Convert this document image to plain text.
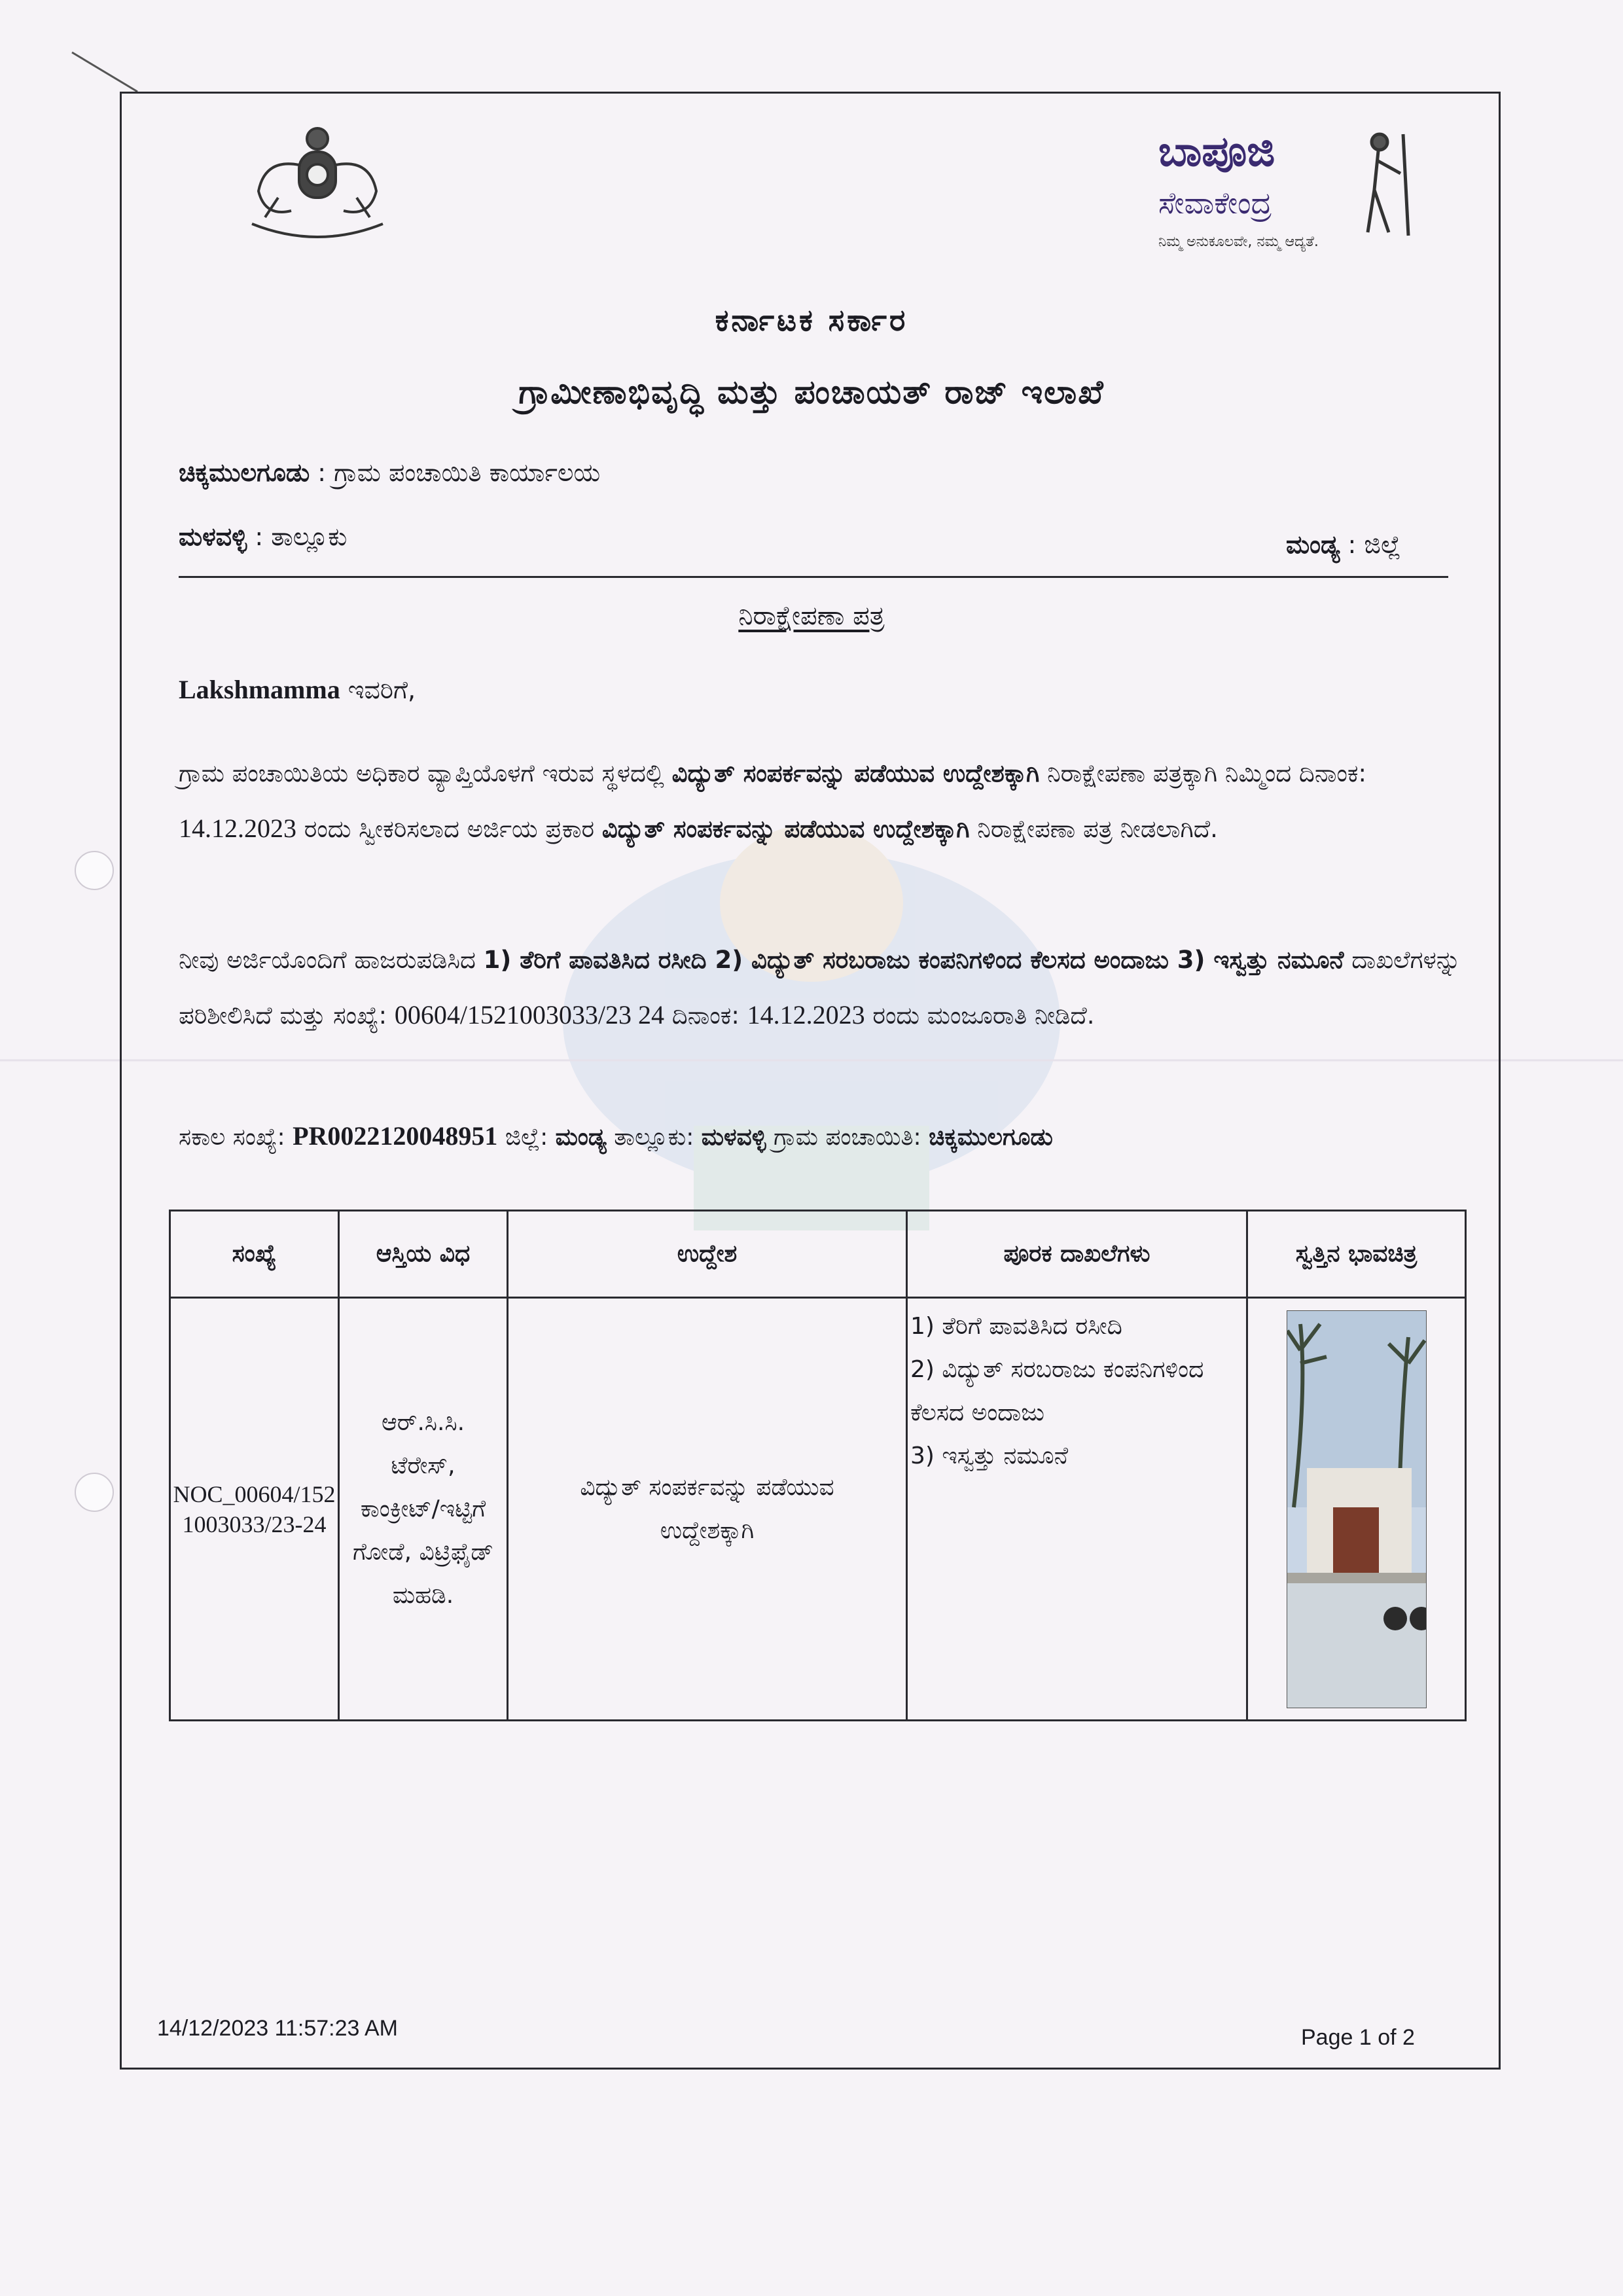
ಬಾಪೂಜಿ
ಸೇವಾಕೇಂದ್ರ
ನಿಮ್ಮ ಅನುಕೂಲವೇ, ನಮ್ಮ ಆದ್ಯತೆ.
ಕರ್ನಾಟಕ ಸರ್ಕಾರ
ಗ್ರಾಮೀಣಾಭಿವೃದ್ಧಿ ಮತ್ತು ಪಂಚಾಯತ್ ರಾಜ್ ಇಲಾಖೆ
ಚಿಕ್ಕಮುಲಗೂಡು : ಗ್ರಾಮ ಪಂಚಾಯಿತಿ ಕಾರ್ಯಾಲಯ
ಮಳವಳ್ಳಿ : ತಾಲ್ಲೂಕು	ಮಂಡ್ಯ : ಜಿಲ್ಲೆ
ನಿರಾಕ್ಷೇಪಣಾ ಪತ್ರ
Lakshmamma ಇವರಿಗೆ,
ಗ್ರಾಮ ಪಂಚಾಯಿತಿಯ ಅಧಿಕಾರ ವ್ಯಾಪ್ತಿಯೊಳಗೆ ಇರುವ ಸ್ಥಳದಲ್ಲಿ ವಿದ್ಯುತ್ ಸಂಪರ್ಕವನ್ನು ಪಡೆಯುವ ಉದ್ದೇಶಕ್ಕಾಗಿ ನಿರಾಕ್ಷೇಪಣಾ ಪತ್ರಕ್ಕಾಗಿ ನಿಮ್ಮಿಂದ ದಿನಾಂಕ: 14.12.2023 ರಂದು ಸ್ವೀಕರಿಸಲಾದ ಅರ್ಜಿಯ ಪ್ರಕಾರ ವಿದ್ಯುತ್ ಸಂಪರ್ಕವನ್ನು ಪಡೆಯುವ ಉದ್ದೇಶಕ್ಕಾಗಿ ನಿರಾಕ್ಷೇಪಣಾ ಪತ್ರ ನೀಡಲಾಗಿದೆ.
ನೀವು ಅರ್ಜಿಯೊಂದಿಗೆ ಹಾಜರುಪಡಿಸಿದ 1) ತೆರಿಗೆ ಪಾವತಿಸಿದ ರಸೀದಿ 2) ವಿದ್ಯುತ್ ಸರಬರಾಜು ಕಂಪನಿಗಳಿಂದ ಕೆಲಸದ ಅಂದಾಜು 3) ಇಸ್ವತ್ತು ನಮೂನೆ ದಾಖಲೆಗಳನ್ನು ಪರಿಶೀಲಿಸಿದೆ ಮತ್ತು ಸಂಖ್ಯೆ: 00604/1521003033/23 24 ದಿನಾಂಕ: 14.12.2023 ರಂದು ಮಂಜೂರಾತಿ ನೀಡಿದೆ.
ಸಕಾಲ ಸಂಖ್ಯೆ: PR0022120048951 ಜಿಲ್ಲೆ: ಮಂಡ್ಯ ತಾಲ್ಲೂಕು: ಮಳವಳ್ಳಿ ಗ್ರಾಮ ಪಂಚಾಯಿತಿ: ಚಿಕ್ಕಮುಲಗೂಡು
ಸಂಖ್ಯೆ	ಆಸ್ತಿಯ ವಿಧ	ಉದ್ದೇಶ	ಪೂರಕ ದಾಖಲೆಗಳು	ಸ್ವತ್ತಿನ ಭಾವಚಿತ್ರ
NOC_00604/1521003033/23-24	ಆರ್.ಸಿ.ಸಿ. ಟೆರೇಸ್, ಕಾಂಕ್ರೀಟ್/ಇಟ್ಟಿಗೆ ಗೋಡೆ, ವಿಟ್ರಿಫೈಡ್ ಮಹಡಿ.	ವಿದ್ಯುತ್ ಸಂಪರ್ಕವನ್ನು ಪಡೆಯುವ ಉದ್ದೇಶಕ್ಕಾಗಿ	1) ತೆರಿಗೆ ಪಾವತಿಸಿದ ರಸೀದಿ
2) ವಿದ್ಯುತ್ ಸರಬರಾಜು ಕಂಪನಿಗಳಿಂದ ಕೆಲಸದ ಅಂದಾಜು
3) ಇಸ್ವತ್ತು ನಮೂನೆ

14/12/2023 11:57:23 AM	Page 1 of 2
